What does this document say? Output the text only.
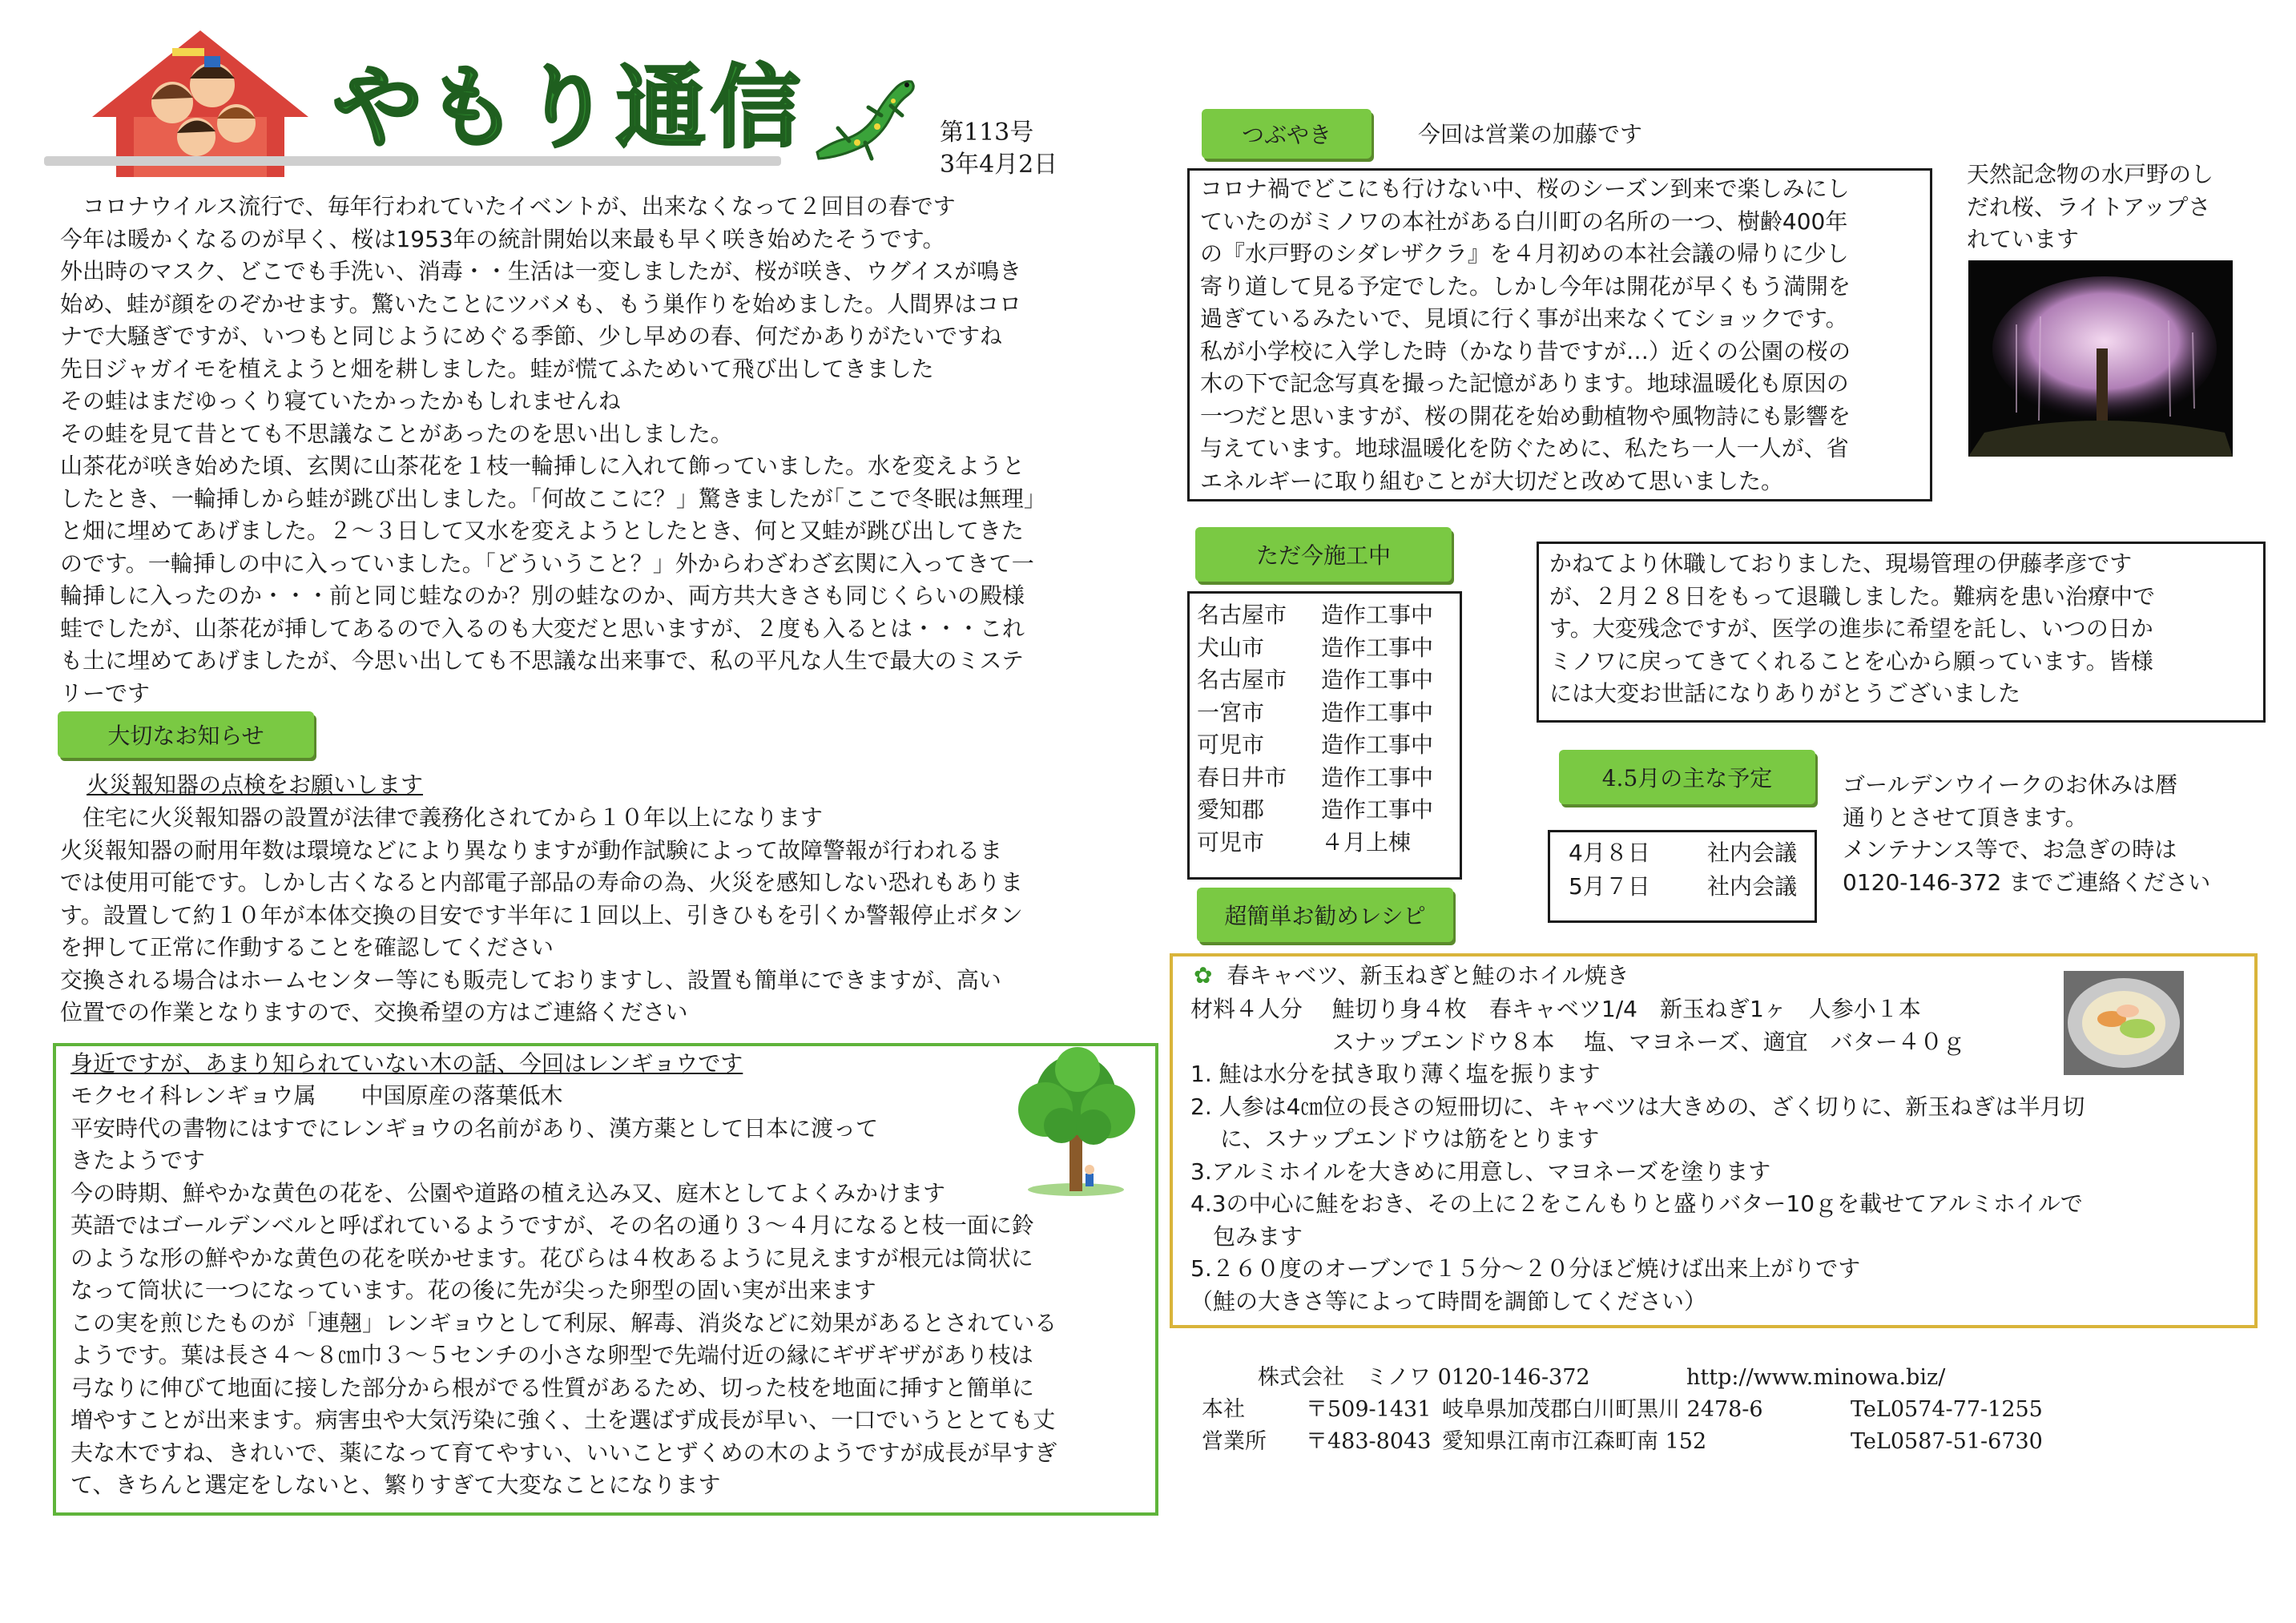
やもり通信	第113号
3年4月2日
　コロナウイルス流行で、毎年行われていたイベントが、出来なくなって２回目の春です
今年は暖かくなるのが早く、桜は1953年の統計開始以来最も早く咲き始めたそうです。
外出時のマスク、どこでも手洗い、消毒・・生活は一変しましたが、桜が咲き、ウグイスが鳴き
始め、蛙が顔をのぞかせます。驚いたことにツバメも、もう巣作りを始めました。人間界はコロ
ナで大騒ぎですが、いつもと同じようにめぐる季節、少し早めの春、何だかありがたいですね
先日ジャガイモを植えようと畑を耕しました。蛙が慌てふためいて飛び出してきました
その蛙はまだゆっくり寝ていたかったかもしれませんね
その蛙を見て昔とても不思議なことがあったのを思い出しました。
山茶花が咲き始めた頃、玄関に山茶花を１枝一輪挿しに入れて飾っていました。水を変えようと
したとき、一輪挿しから蛙が跳び出しました。｢何故ここに？」驚きましたが｢ここで冬眠は無理」
と畑に埋めてあげました。２～３日して又水を変えようとしたとき、何と又蛙が跳び出してきた
のです。一輪挿しの中に入っていました。｢どういうこと？」外からわざわざ玄関に入ってきて一
輪挿しに入ったのか・・・前と同じ蛙なのか？別の蛙なのか、両方共大きさも同じくらいの殿様
蛙でしたが、山茶花が挿してあるので入るのも大変だと思いますが、２度も入るとは・・・これ
も土に埋めてあげましたが、今思い出しても不思議な出来事で、私の平凡な人生で最大のミステ
リーです
大切なお知らせ
火災報知器の点検をお願いします
　住宅に火災報知器の設置が法律で義務化されてから１０年以上になります
火災報知器の耐用年数は環境などにより異なりますが動作試験によって故障警報が行われるま
では使用可能です。しかし古くなると内部電子部品の寿命の為、火災を感知しない恐れもありま
す。設置して約１０年が本体交換の目安です半年に１回以上、引きひもを引くか警報停止ボタン
を押して正常に作動することを確認してください
交換される場合はホームセンター等にも販売しておりますし、設置も簡単にできますが、高い
位置での作業となりますので、交換希望の方はご連絡ください
身近ですが、あまり知られていない木の話、今回はレンギョウです
モクセイ科レンギョウ属　　中国原産の落葉低木
平安時代の書物にはすでにレンギョウの名前があり、漢方薬として日本に渡って
きたようです
今の時期、鮮やかな黄色の花を、公園や道路の植え込み又、庭木としてよくみかけます
英語ではゴールデンベルと呼ばれているようですが、その名の通り３～４月になると枝一面に鈴
のような形の鮮やかな黄色の花を咲かせます。花びらは４枚あるように見えますが根元は筒状に
なって筒状に一つになっています。花の後に先が尖った卵型の固い実が出来ます
この実を煎じたものが「連翹」レンギョウとして利尿、解毒、消炎などに効果があるとされている
ようです。葉は長さ４～８㎝巾３～５センチの小さな卵型で先端付近の縁にギザギザがあり枝は
弓なりに伸びて地面に接した部分から根がでる性質があるため、切った枝を地面に挿すと簡単に
増やすことが出来ます。病害虫や大気汚染に強く、土を選ばず成長が早い、一口でいうととても丈
夫な木ですね、きれいで、薬になって育てやすい、いいことずくめの木のようですが成長が早すぎ
て、きちんと選定をしないと、繁りすぎて大変なことになります
つぶやき	今回は営業の加藤です
コロナ禍でどこにも行けない中、桜のシーズン到来で楽しみにし
ていたのがミノワの本社がある白川町の名所の一つ、樹齢400年
の『水戸野のシダレザクラ』を４月初めの本社会議の帰りに少し
寄り道して見る予定でした。しかし今年は開花が早くもう満開を
過ぎているみたいで、見頃に行く事が出来なくてショックです。
私が小学校に入学した時（かなり昔ですが…）近くの公園の桜の
木の下で記念写真を撮った記憶があります。地球温暖化も原因の
一つだと思いますが、桜の開花を始め動植物や風物詩にも影響を
与えています。地球温暖化を防ぐために、私たち一人一人が、省
エネルギーに取り組むことが大切だと改めて思いました。
天然記念物の水戸野のし
だれ桜、ライトアップさ
れています
ただ今施工中
名古屋市 造作工事中
犬山市	造作工事中
名古屋市 造作工事中
一宮市	造作工事中
可児市	造作工事中
春日井市 造作工事中
愛知郡	造作工事中
可児市	４月上棟
かねてより休職しておりました、現場管理の伊藤孝彦です
が、２月２８日をもって退職しました。難病を患い治療中で
す。大変残念ですが、医学の進歩に希望を託し、いつの日か
ミノワに戻ってきてくれることを心から願っています。皆様
には大変お世話になりありがとうございました
4.5月の主な予定
4月８日	社内会議
5月７日	社内会議
ゴールデンウイークのお休みは暦
通りとさせて頂きます。
メンテナンス等で、お急ぎの時は
0120-146-372 までご連絡ください
超簡単お勧めレシピ
✿ 春キャベツ、新玉ねぎと鮭のホイル焼き
材料４人分　 鮭切り身４枚　春キャベツ1/4　新玉ねぎ1ヶ　人参小１本
　　　　　　 スナップエンドウ８本　 塩、マヨネーズ、適宜　バター４０ｇ
1. 鮭は水分を拭き取り薄く塩を振ります
2. 人参は4㎝位の長さの短冊切に、キャベツは大きめの、ざく切りに、新玉ねぎは半月切
　 に、スナップエンドウは筋をとります
3.アルミホイルを大きめに用意し、マヨネーズを塗ります
4.3の中心に鮭をおき、その上に２をこんもりと盛りバター10ｇを載せてアルミホイルで
　包みます
5.２６０度のオーブンで１５分～２０分ほど焼けば出来上がりです
（鮭の大きさ等によって時間を調節してください）
株式会社　ミノワ 0120-146-372	http://www.minowa.biz/
本社	〒509-1431 岐阜県加茂郡白川町黒川 2478-6	TeL0574-77-1255
営業所 〒483-8043 愛知県江南市江森町南 152	TeL0587-51-6730
